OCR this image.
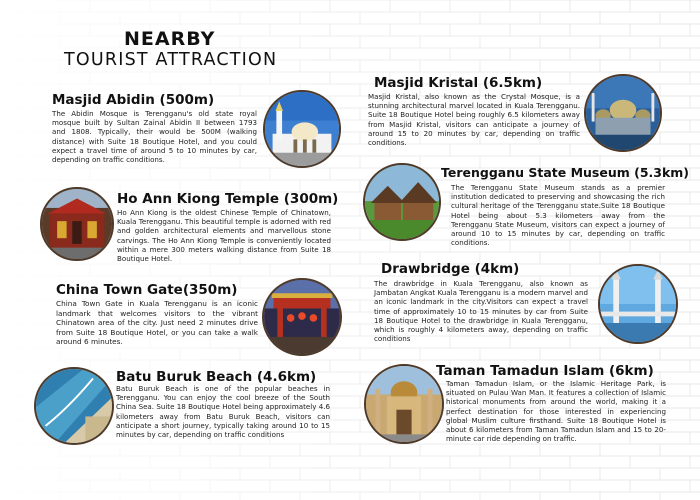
NEARBY
TOURIST ATTRACTION
Masjid Abidin (500m)
The Abidin Mosque is Terengganu's old state royal mosque built by Sultan Zainal Abidin II between 1793 and 1808. Typically, their would be 500M (walking distance) with Suite 18 Boutique Hotel, and you could expect a travel time of around 5 to 10 minutes by car, depending on traffic conditions.
Ho Ann Kiong Temple (300m)
Ho Ann Kiong is the oldest Chinese Temple of Chinatown, Kuala Terengganu. This beautiful temple is adorned with red and golden architectural elements and marvellous stone carvings. The Ho Ann Kiong Temple is conveniently located within a mere 300 meters walking distance from Suite 18 Boutique Hotel.
China Town Gate(350m)
China Town Gate in Kuala Terengganu is an iconic landmark that welcomes visitors to the vibrant Chinatown area of the city. Just need 2 minutes drive from Suite 18 Boutique Hotel, or you can take a walk around 6 minutes.
Batu Buruk Beach (4.6km)
Batu Buruk Beach is one of the popular beaches in Terengganu. You can enjoy the cool breeze of the South China Sea. Suite 18 Boutique Hotel being approximately 4.6 kilometers away from Batu Buruk Beach, visitors can anticipate a short journey, typically taking around 10 to 15 minutes by car, depending on traffic conditions
Masjid Kristal (6.5km)
Masjid Kristal, also known as the Crystal Mosque, is a stunning architectural marvel located in Kuala Terengganu. Suite 18 Boutique Hotel being roughly 6.5 kilometers away from Masjid Kristal, visitors can anticipate a journey of around 15 to 20 minutes by car, depending on traffic conditions.
Terengganu State Museum (5.3km)
The Terengganu State Museum stands as a premier institution dedicated to preserving and showcasing the rich cultural heritage of the Terengganu state.Suite 18 Boutique Hotel being about 5.3 kilometers away from the Terengganu State Museum, visitors can expect a journey of around 10 to 15 minutes by car, depending on traffic conditions.
Drawbridge (4km)
The drawbridge in Kuala Terengganu, also known as Jambatan Angkat Kuala Terengganu is a modern marvel and an iconic landmark in the city.Visitors can expect a travel time of approximately 10 to 15 minutes by car from Suite 18 Boutique Hotel to the drawbridge in Kuala Terengganu, which is roughly 4 kilometers away, depending on traffic conditions
Taman Tamadun Islam (6km)
Taman Tamadun Islam, or the Islamic Heritage Park, is situated on Pulau Wan Man. It features a collection of Islamic historical monuments from around the world, making it a perfect destination for those interested in experiencing global Muslim culture firsthand. Suite 18 Boutique Hotel is about 6 kilometers from Taman Tamadun Islam and 15 to 20-minute car ride depending on traffic.
